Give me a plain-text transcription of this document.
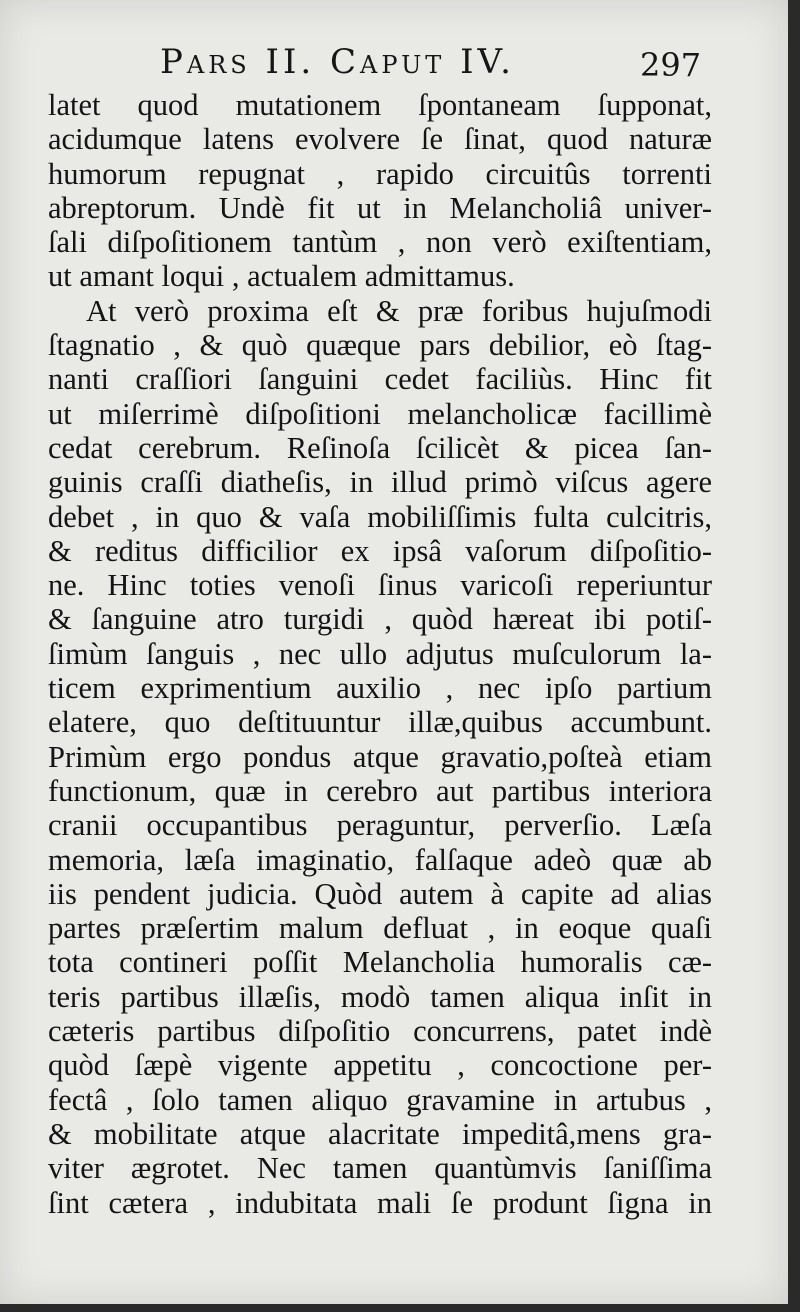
Pars II. Caput IV.	297
latet quod mutationem ſpontaneam ſupponat,
acidumque latens evolvere ſe ſinat, quod naturæ
humorum repugnat , rapido circuitûs torrenti
abreptorum. Undè fit ut in Melancholiâ univer-
ſali diſpoſitionem tantùm , non verò exiſtentiam,
ut amant loqui , actualem admittamus.
At verò proxima eſt & præ foribus hujuſmodi
ſtagnatio , & quò quæque pars debilior, eò ſtag-
nanti craſſiori ſanguini cedet faciliùs. Hinc fit
ut miſerrimè diſpoſitioni melancholicæ facillimè
cedat cerebrum. Reſinoſa ſcilicèt & picea ſan-
guinis craſſi diatheſis, in illud primò viſcus agere
debet , in quo & vaſa mobiliſſimis fulta culcitris,
& reditus difficilior ex ipsâ vaſorum diſpoſitio-
ne. Hinc toties venoſi ſinus varicoſi reperiuntur
& ſanguine atro turgidi , quòd hæreat ibi potiſ-
ſimùm ſanguis , nec ullo adjutus muſculorum la-
ticem exprimentium auxilio , nec ipſo partium
elatere, quo deſtituuntur illæ,quibus accumbunt.
Primùm ergo pondus atque gravatio,poſteà etiam
functionum, quæ in cerebro aut partibus interiora
cranii occupantibus peraguntur, perverſio. Læſa
memoria, læſa imaginatio, falſaque adeò quæ ab
iis pendent judicia. Quòd autem à capite ad alias
partes præſertim malum defluat , in eoque quaſi
tota contineri poſſit Melancholia humoralis cæ-
teris partibus illæſis, modò tamen aliqua inſit in
cæteris partibus diſpoſitio concurrens, patet indè
quòd ſæpè vigente appetitu , concoctione per-
fectâ , ſolo tamen aliquo gravamine in artubus ,
& mobilitate atque alacritate impeditâ,mens gra-
viter ægrotet. Nec tamen quantùmvis ſaniſſima
ſint cætera , indubitata mali ſe produnt ſigna in
